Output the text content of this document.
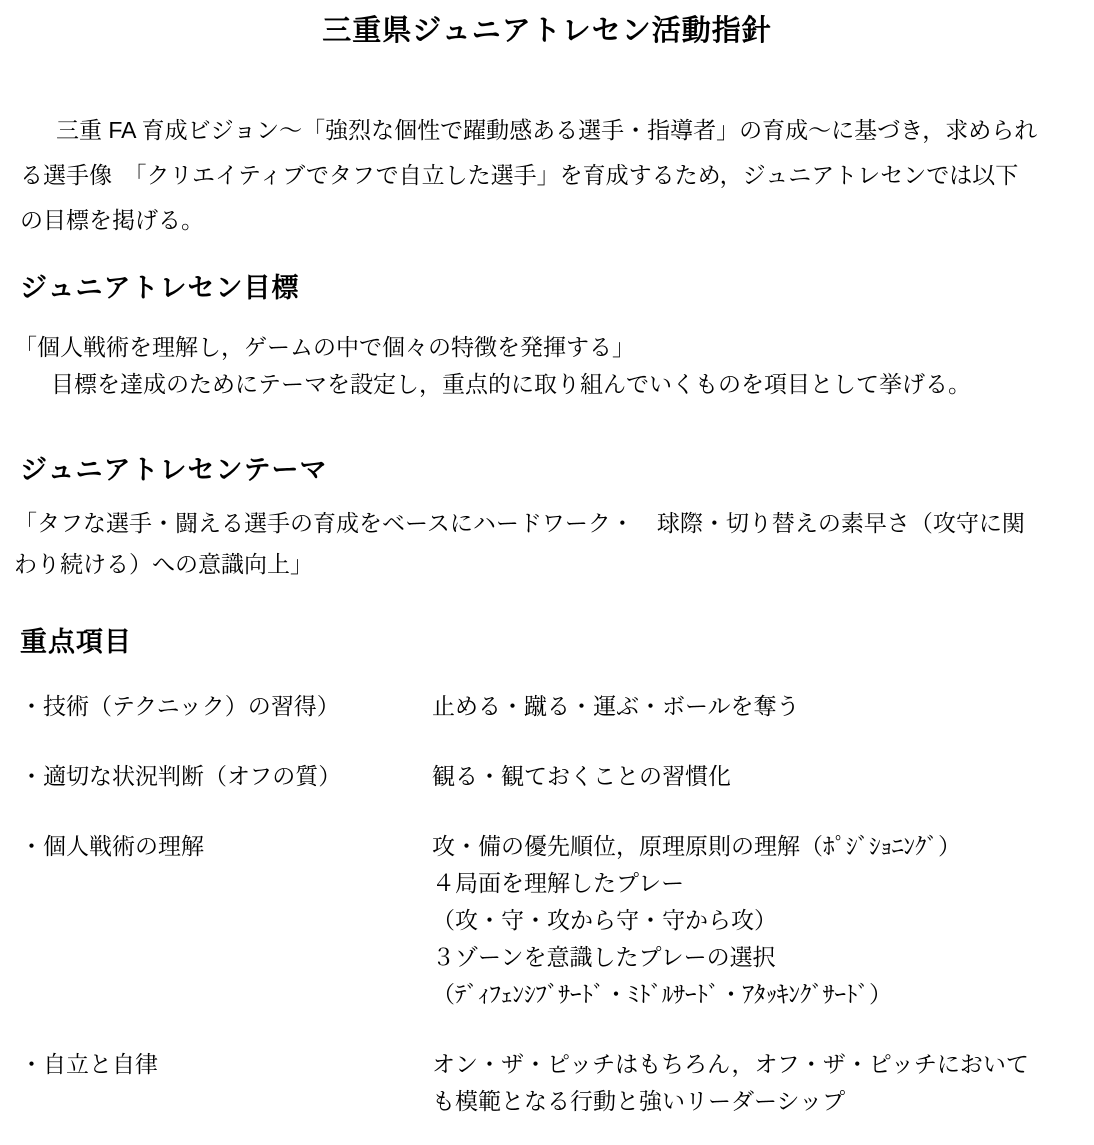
三重県ジュニアトレセン活動指針
三重 FA 育成ビジョン～「強烈な個性で躍動感ある選手・指導者」の育成～に基づき，求められ
る選手像　「クリエイティブでタフで自立した選手」を育成するため，ジュニアトレセンでは以下
の目標を掲げる。
ジュニアトレセン目標
「個人戦術を理解し，ゲームの中で個々の特徴を発揮する」
目標を達成のためにテーマを設定し，重点的に取り組んでいくものを項目として挙げる。
ジュニアトレセンテーマ
「タフな選手・闘える選手の育成をベースにハードワーク・　球際・切り替えの素早さ（攻守に関
わり続ける）への意識向上」
重点項目
・技術（テクニック）の習得）	止める・蹴る・運ぶ・ボールを奪う
・適切な状況判断（オフの質）	観る・観ておくことの習慣化
・個人戦術の理解	攻・備の優先順位，原理原則の理解（ﾎﾟｼﾞｼｮﾆﾝｸﾞ）
４局面を理解したプレー
（攻・守・攻から守・守から攻）
３ゾーンを意識したプレーの選択
（ﾃﾞｨﾌｪﾝｼﾌﾞｻｰﾄﾞ・ﾐﾄﾞﾙｻｰﾄﾞ・ｱﾀｯｷﾝｸﾞｻｰﾄﾞ）
・自立と自律	オン・ザ・ピッチはもちろん，オフ・ザ・ピッチにおいて
も模範となる行動と強いリーダーシップ
